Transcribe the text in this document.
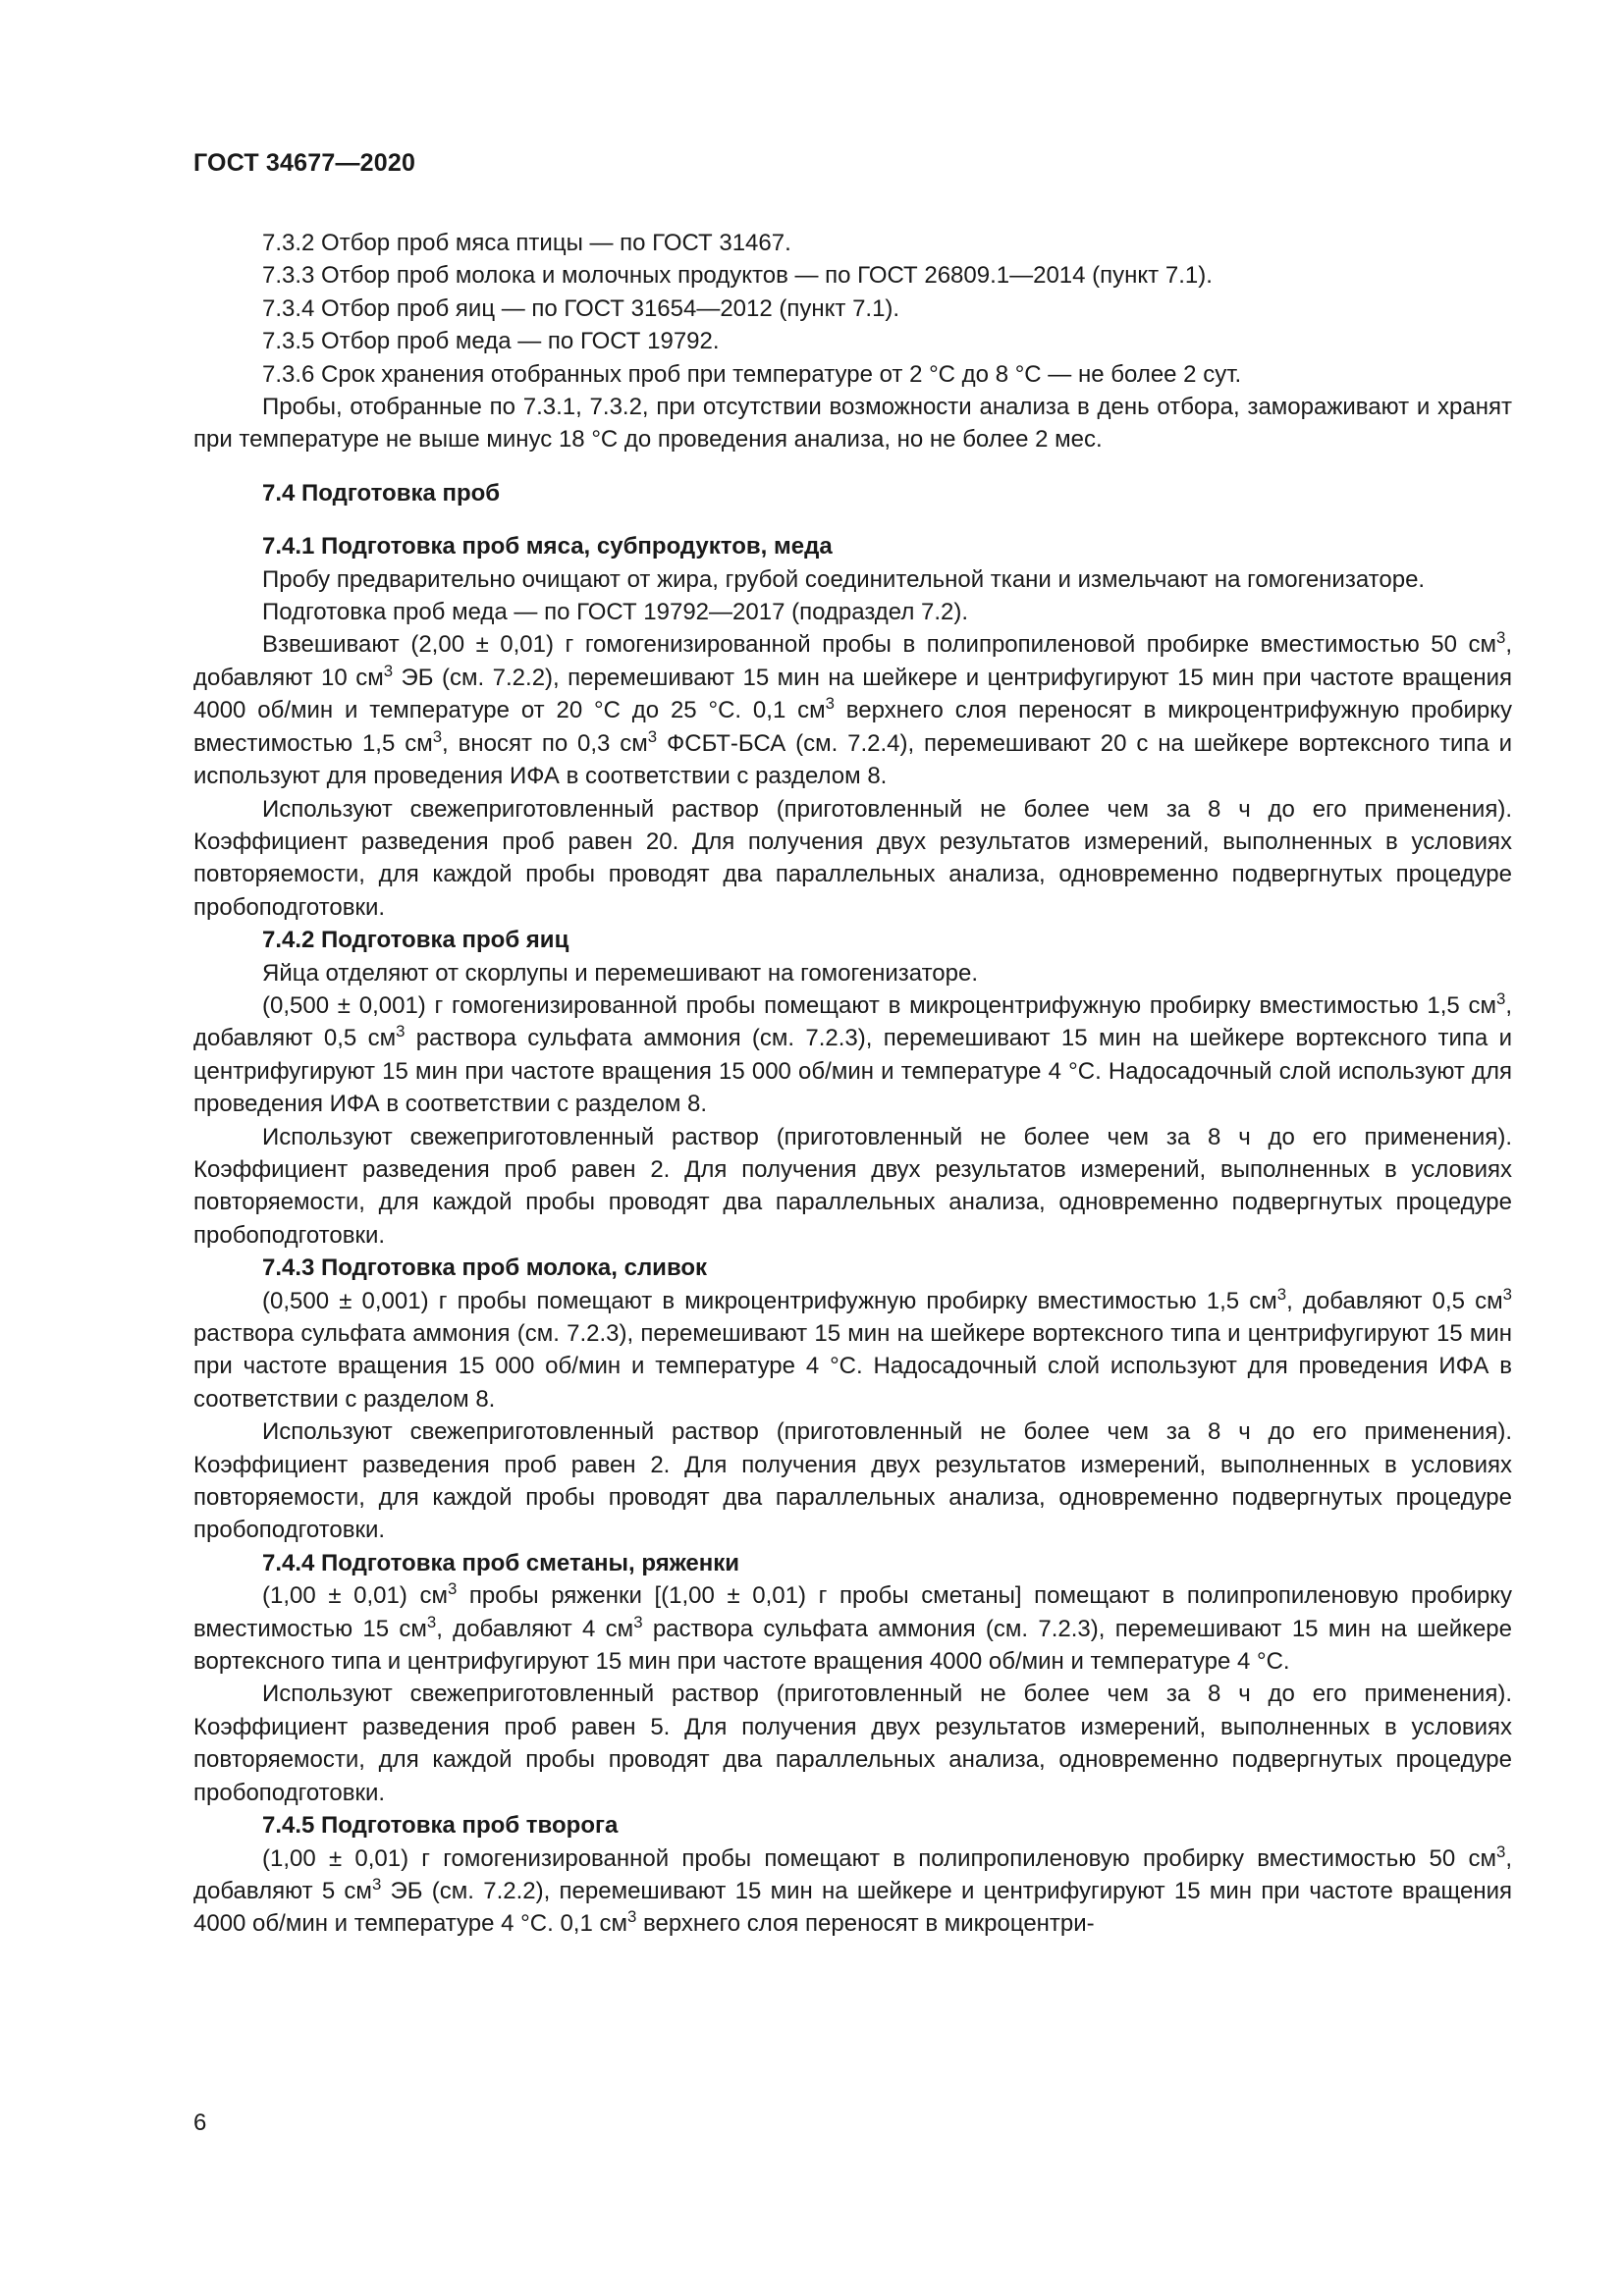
ГОСТ 34677—2020

7.3.2 Отбор проб мяса птицы — по ГОСТ 31467.

7.3.3 Отбор проб молока и молочных продуктов — по ГОСТ 26809.1—2014 (пункт 7.1).

7.3.4 Отбор проб яиц — по ГОСТ 31654—2012 (пункт 7.1).

7.3.5 Отбор проб меда — по ГОСТ 19792.

7.3.6 Срок хранения отобранных проб при температуре от 2 °С до 8 °С — не более 2 сут.

Пробы, отобранные по 7.3.1, 7.3.2, при отсутствии возможности анализа в день отбора, замораживают и хранят при температуре не выше минус 18 °С до проведения анализа, но не более 2 мес.

7.4 Подготовка проб

7.4.1 Подготовка проб мяса, субпродуктов, меда

Пробу предварительно очищают от жира, грубой соединительной ткани и измельчают на гомогенизаторе.

Подготовка проб меда — по ГОСТ 19792—2017 (подраздел 7.2).

Взвешивают (2,00 ± 0,01) г гомогенизированной пробы в полипропиленовой пробирке вместимостью 50 $см^3$, добавляют 10 $см^3$ ЭБ (см. 7.2.2), перемешивают 15 мин на шейкере и центрифугируют 15 мин при частоте вращения 4000 об/мин и температуре от 20 °С до 25 °С. 0,1 $см^3$ верхнего слоя переносят в микроцентрифужную пробирку вместимостью 1,5 $см^3$, вносят по 0,3 $см^3$ ФСБТ-БСА (см. 7.2.4), перемешивают 20 с на шейкере вортексного типа и используют для проведения ИФА в соответствии с разделом 8.

Используют свежеприготовленный раствор (приготовленный не более чем за 8 ч до его применения). Коэффициент разведения проб равен 20. Для получения двух результатов измерений, выполненных в условиях повторяемости, для каждой пробы проводят два параллельных анализа, одновременно подвергнутых процедуре пробоподготовки.

7.4.2 Подготовка проб яиц

Яйца отделяют от скорлупы и перемешивают на гомогенизаторе.

(0,500 ± 0,001) г гомогенизированной пробы помещают в микроцентрифужную пробирку вместимостью 1,5 $см^3$, добавляют 0,5 $см^3$ раствора сульфата аммония (см. 7.2.3), перемешивают 15 мин на шейкере вортексного типа и центрифугируют 15 мин при частоте вращения 15 000 об/мин и температуре 4 °С. Надосадочный слой используют для проведения ИФА в соответствии с разделом 8.

Используют свежеприготовленный раствор (приготовленный не более чем за 8 ч до его применения). Коэффициент разведения проб равен 2. Для получения двух результатов измерений, выполненных в условиях повторяемости, для каждой пробы проводят два параллельных анализа, одновременно подвергнутых процедуре пробоподготовки.

7.4.3 Подготовка проб молока, сливок

(0,500 ± 0,001) г пробы помещают в микроцентрифужную пробирку вместимостью 1,5 $см^3$, добавляют 0,5 $см^3$ раствора сульфата аммония (см. 7.2.3), перемешивают 15 мин на шейкере вортексного типа и центрифугируют 15 мин при частоте вращения 15 000 об/мин и температуре 4 °С. Надосадочный слой используют для проведения ИФА в соответствии с разделом 8.

Используют свежеприготовленный раствор (приготовленный не более чем за 8 ч до его применения). Коэффициент разведения проб равен 2. Для получения двух результатов измерений, выполненных в условиях повторяемости, для каждой пробы проводят два параллельных анализа, одновременно подвергнутых процедуре пробоподготовки.

7.4.4 Подготовка проб сметаны, ряженки

(1,00 ± 0,01) $см^3$ пробы ряженки [(1,00 ± 0,01) г пробы сметаны] помещают в полипропиленовую пробирку вместимостью 15 $см^3$, добавляют 4 $см^3$ раствора сульфата аммония (см. 7.2.3), перемешивают 15 мин на шейкере вортексного типа и центрифугируют 15 мин при частоте вращения 4000 об/мин и температуре 4 °С.

Используют свежеприготовленный раствор (приготовленный не более чем за 8 ч до его применения). Коэффициент разведения проб равен 5. Для получения двух результатов измерений, выполненных в условиях повторяемости, для каждой пробы проводят два параллельных анализа, одновременно подвергнутых процедуре пробоподготовки.

7.4.5 Подготовка проб творога

(1,00 ± 0,01) г гомогенизированной пробы помещают в полипропиленовую пробирку вместимостью 50 $см^3$, добавляют 5 $см^3$ ЭБ (см. 7.2.2), перемешивают 15 мин на шейкере и центрифугируют 15 мин при частоте вращения 4000 об/мин и температуре 4 °С. 0,1 $см^3$ верхнего слоя переносят в микроцентри-

6
